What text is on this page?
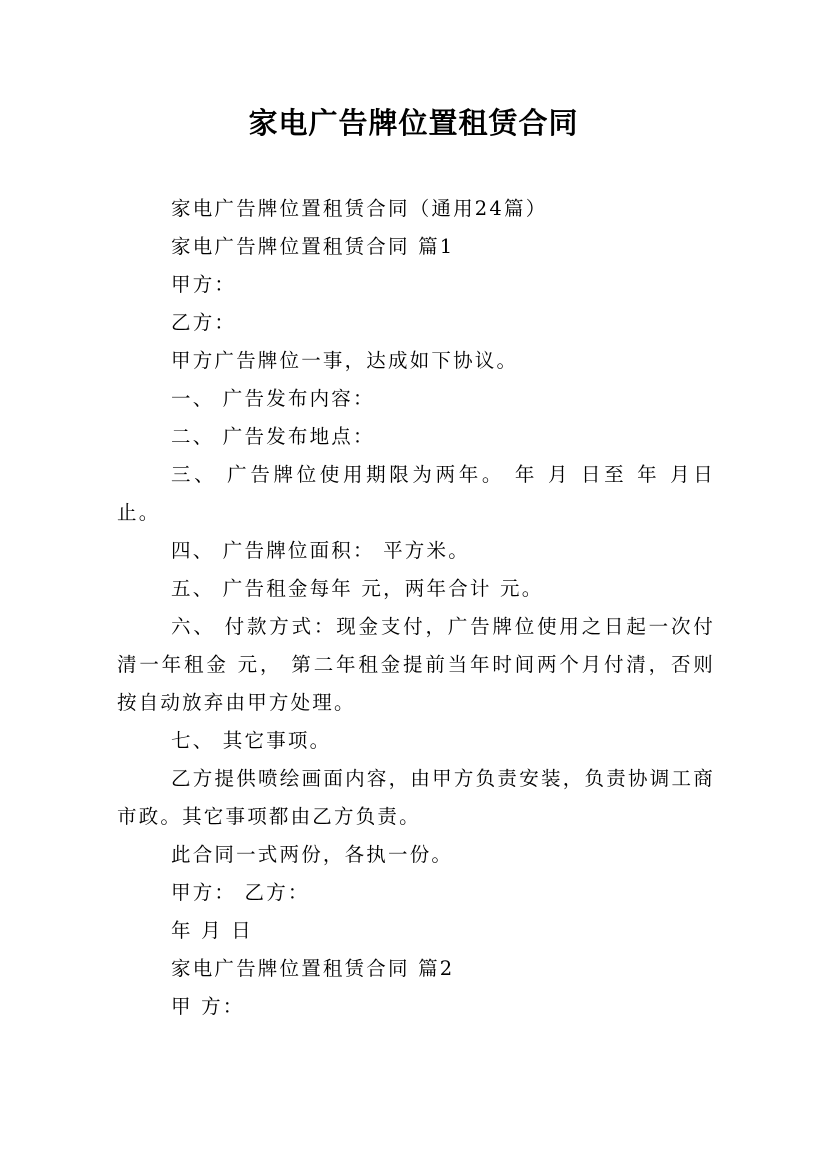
家电广告牌位置租赁合同

家电广告牌位置租赁合同（通用24篇）

家电广告牌位置租赁合同 篇1

甲方：

乙方：

甲方广告牌位一事，达成如下协议。

一、 广告发布内容：

二、 广告发布地点：

三、 广告牌位使用期限为两年。 年 月 日至 年 月日止。

四、 广告牌位面积： 平方米。

五、 广告租金每年 元，两年合计 元。

六、 付款方式：现金支付，广告牌位使用之日起一次付清一年租金 元， 第二年租金提前当年时间两个月付清，否则按自动放弃由甲方处理。

七、 其它事项。

乙方提供喷绘画面内容，由甲方负责安装，负责协调工商市政。其它事项都由乙方负责。

此合同一式两份，各执一份。

甲方： 乙方：

年 月 日

家电广告牌位置租赁合同 篇2

甲 方：
